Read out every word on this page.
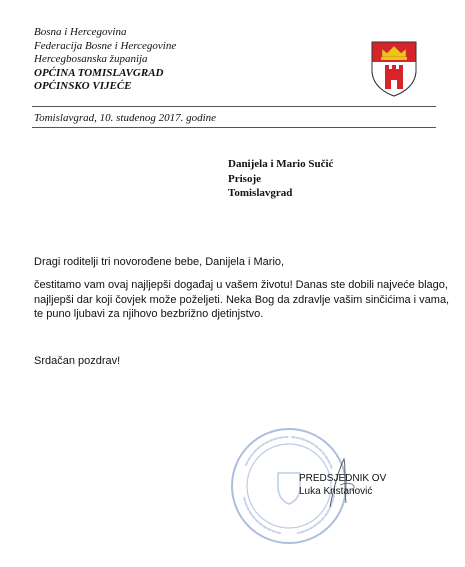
Bosna i Hercegovina
Federacija Bosne i Hercegovine
Hercegbosanska županija
OPĆINA TOMISLAVGRAD
OPĆINSKO VIJEĆE
Tomislavgrad, 10. studenog 2017. godine
Danijela i Mario Sučić
Prisoje
Tomislavgrad
Dragi roditelji tri novorođene bebe, Danijela i Mario,
čestitamo vam ovaj najljepši događaj u vašem životu! Danas ste dobili najveće blago,
najljepši dar koji čovjek može poželjeti. Neka Bog da zdravlje vašim sinčićima i vama,
te puno ljubavi za njihovo bezbrižno djetinjstvo.
Srdačan pozdrav!
PREDSJEDNIK OV
Luka Kristanović
